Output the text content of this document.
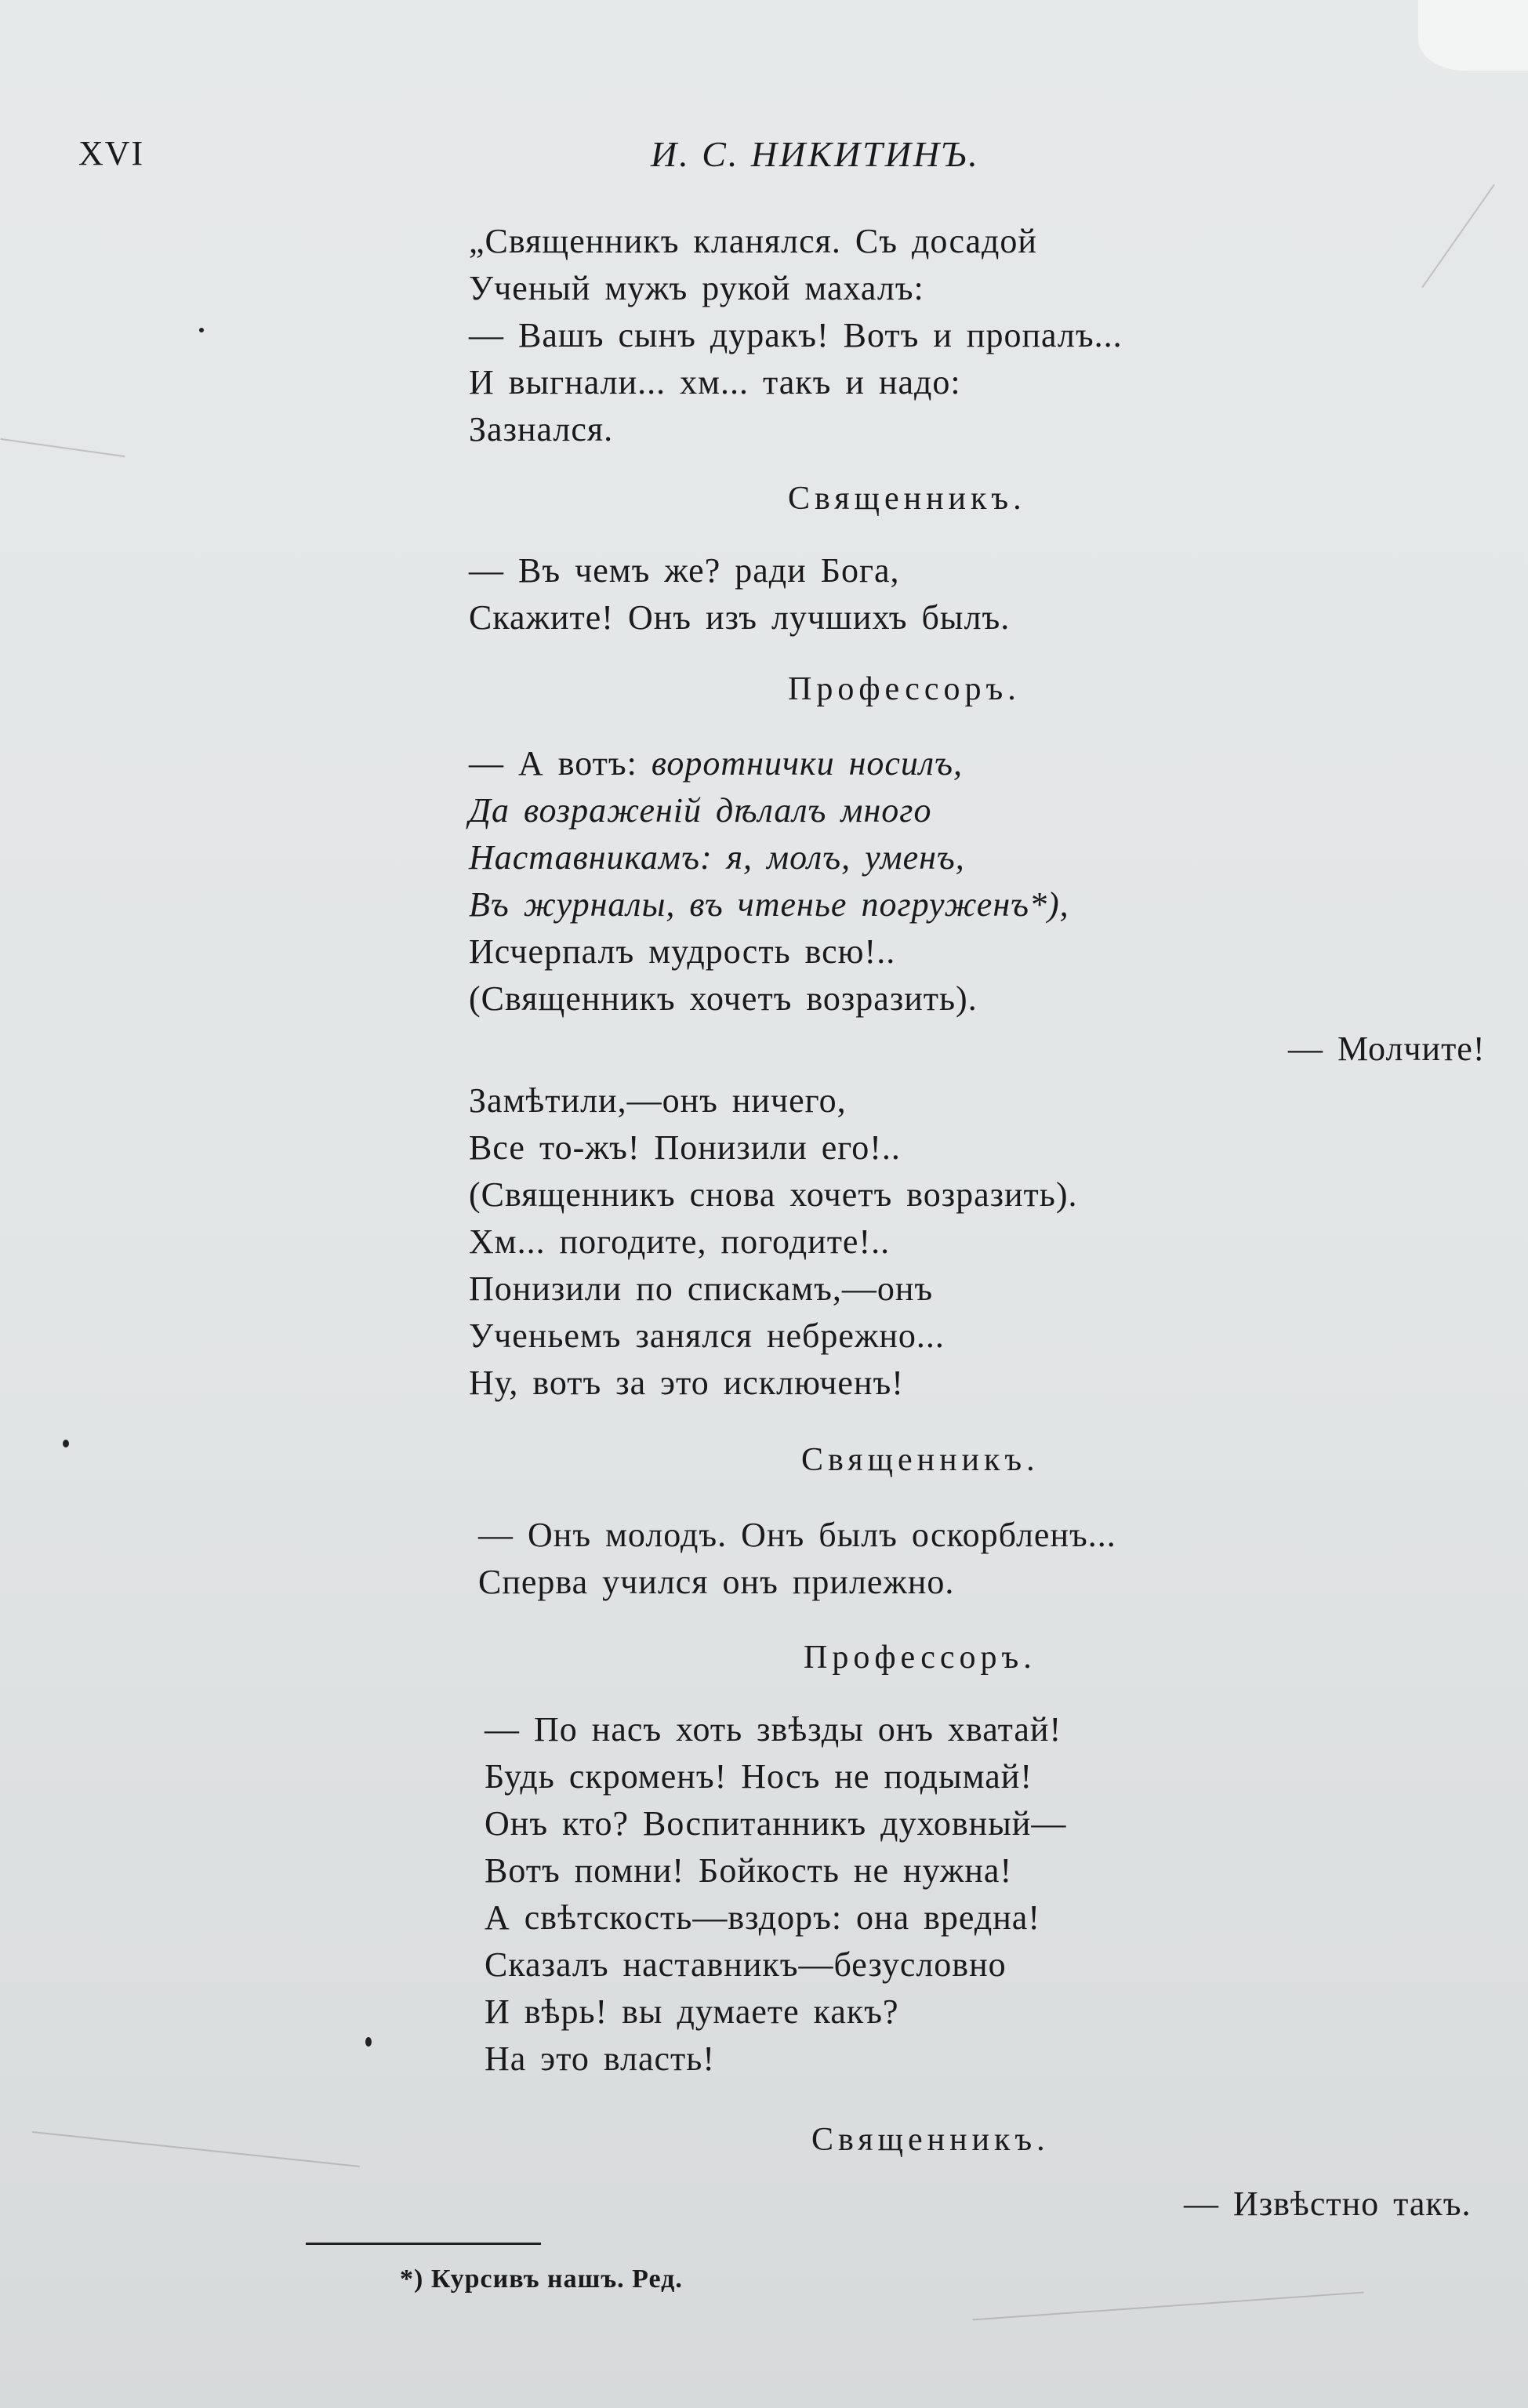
XVI	И. С. НИКИТИНЪ.
„Священникъ кланялся. Съ досадой
Ученый мужъ рукой махалъ:
— Вашъ сынъ дуракъ! Вотъ и пропалъ...
И выгнали... хм... такъ и надо:
Зазнался.
Священникъ.
— Въ чемъ же? ради Бога,
Скажите! Онъ изъ лучшихъ былъ.
Профессоръ.
— А вотъ: воротнички носилъ,
Да возраженій дѣлалъ много
Наставникамъ: я, молъ, уменъ,
Въ журналы, въ чтенье погруженъ*),
Исчерпалъ мудрость всю!..
(Священникъ хочетъ возразить).
— Молчите!
Замѣтили,—онъ ничего,
Все то-жъ! Понизили его!..
(Священникъ снова хочетъ возразить).
Хм... погодите, погодите!..
Понизили по спискамъ,—онъ
Ученьемъ занялся небрежно...
Ну, вотъ за это исключенъ!
Священникъ.
— Онъ молодъ. Онъ былъ оскорбленъ...
Сперва учился онъ прилежно.
Профессоръ.
— По насъ хоть звѣзды онъ хватай!
Будь скроменъ! Носъ не подымай!
Онъ кто? Воспитанникъ духовный—
Вотъ помни! Бойкость не нужна!
А свѣтскость—вздоръ: она вредна!
Сказалъ наставникъ—безусловно
И вѣрь! вы думаете какъ?
На это власть!
Священникъ.
— Извѣстно такъ.
*) Курсивъ нашъ. Ред.
